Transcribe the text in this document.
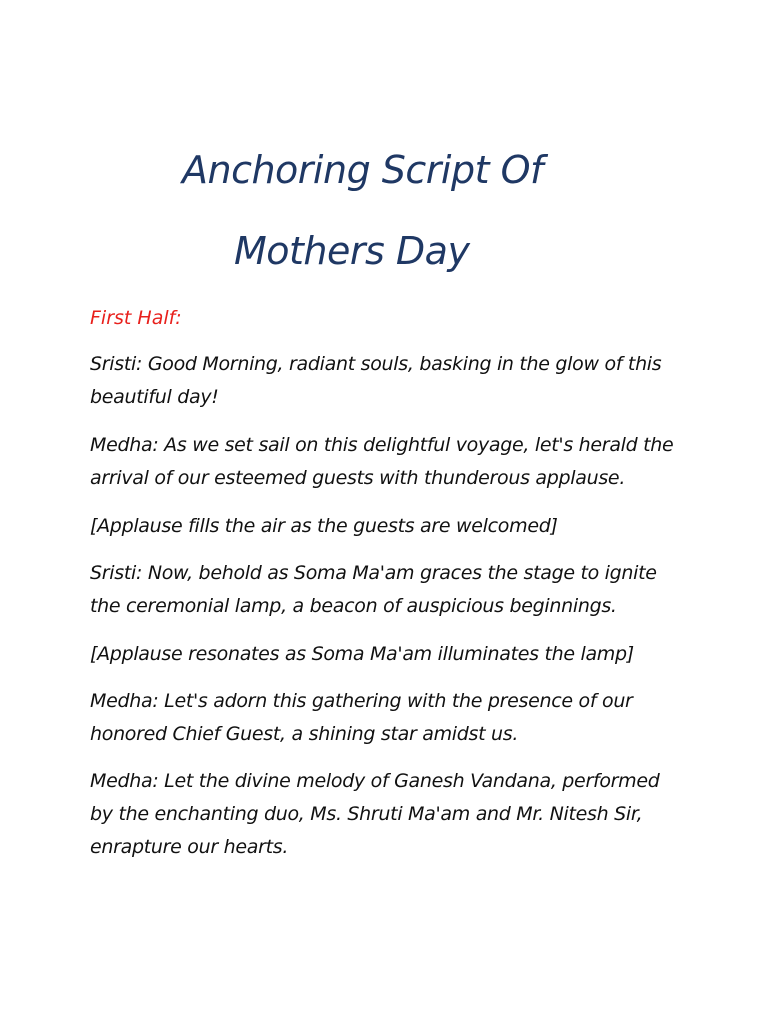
Anchoring Script Of
Mothers Day
First Half:
Sristi: Good Morning, radiant souls, basking in the glow of this
beautiful day!
Medha: As we set sail on this delightful voyage, let's herald the
arrival of our esteemed guests with thunderous applause.
[Applause fills the air as the guests are welcomed]
Sristi: Now, behold as Soma Ma'am graces the stage to ignite
the ceremonial lamp, a beacon of auspicious beginnings.
[Applause resonates as Soma Ma'am illuminates the lamp]
Medha: Let's adorn this gathering with the presence of our
honored Chief Guest, a shining star amidst us.
Medha: Let the divine melody of Ganesh Vandana, performed
by the enchanting duo, Ms. Shruti Ma'am and Mr. Nitesh Sir,
enrapture our hearts.
